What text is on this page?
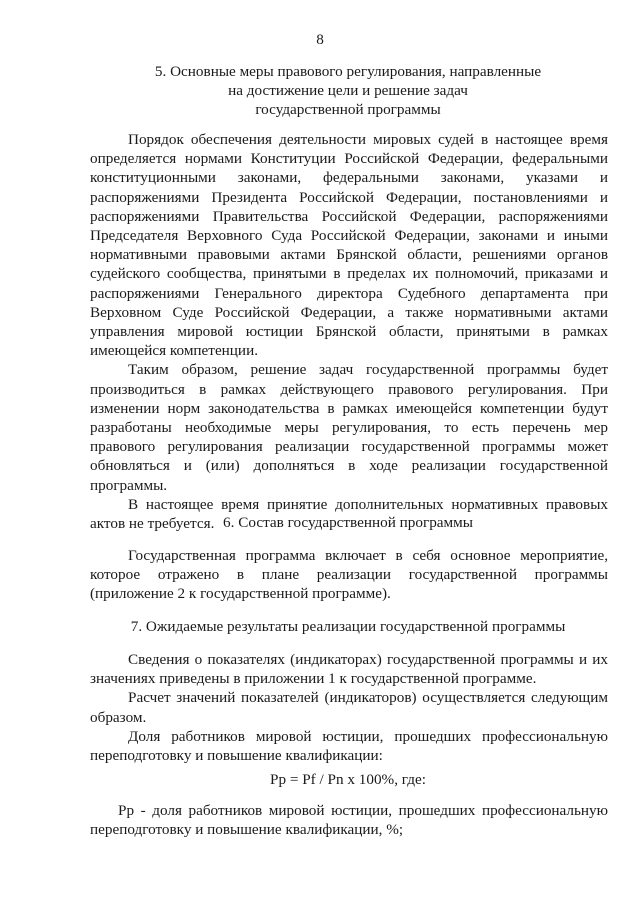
8
5. Основные меры правового регулирования, направленные
на достижение цели и решение задач
государственной программы

Порядок обеспечения деятельности мировых судей в настоящее время определяется нормами Конституции Российской Федерации, федеральными конституционными законами, федеральными законами, указами и распоряжениями Президента Российской Федерации, постановлениями и распоряжениями Правительства Российской Федерации, распоряжениями Председателя Верховного Суда Российской Федерации, законами и иными нормативными правовыми актами Брянской области, решениями органов судейского сообщества, принятыми в пределах их полномочий, приказами и распоряжениями Генерального директора Судебного департамента при Верховном Суде Российской Федерации, а также нормативными актами управления мировой юстиции Брянской области, принятыми в рамках имеющейся компетенции.

Таким образом, решение задач государственной программы будет производиться в рамках действующего правового регулирования. При изменении норм законодательства в рамках имеющейся компетенции будут разработаны необходимые меры регулирования, то есть перечень мер правового регулирования реализации государственной программы может обновляться и (или) дополняться в ходе реализации государственной программы.

В настоящее время принятие дополнительных нормативных правовых актов не требуется. 6. Состав государственной программы

Государственная программа включает в себя основное мероприятие, которое отражено в плане реализации государственной программы (приложение 2 к государственной программе).

7. Ожидаемые результаты реализации государственной программы

Сведения о показателях (индикаторах) государственной программы и их значениях приведены в приложении 1 к государственной программе.

Расчет значений показателей (индикаторов) осуществляется следующим образом.

Доля работников мировой юстиции, прошедших профессиональную переподготовку и повышение квалификации:

Рр = Pf / Рn х 100%, где:

Рр - доля работников мировой юстиции, прошедших профессиональную переподготовку и повышение квалификации, %;
